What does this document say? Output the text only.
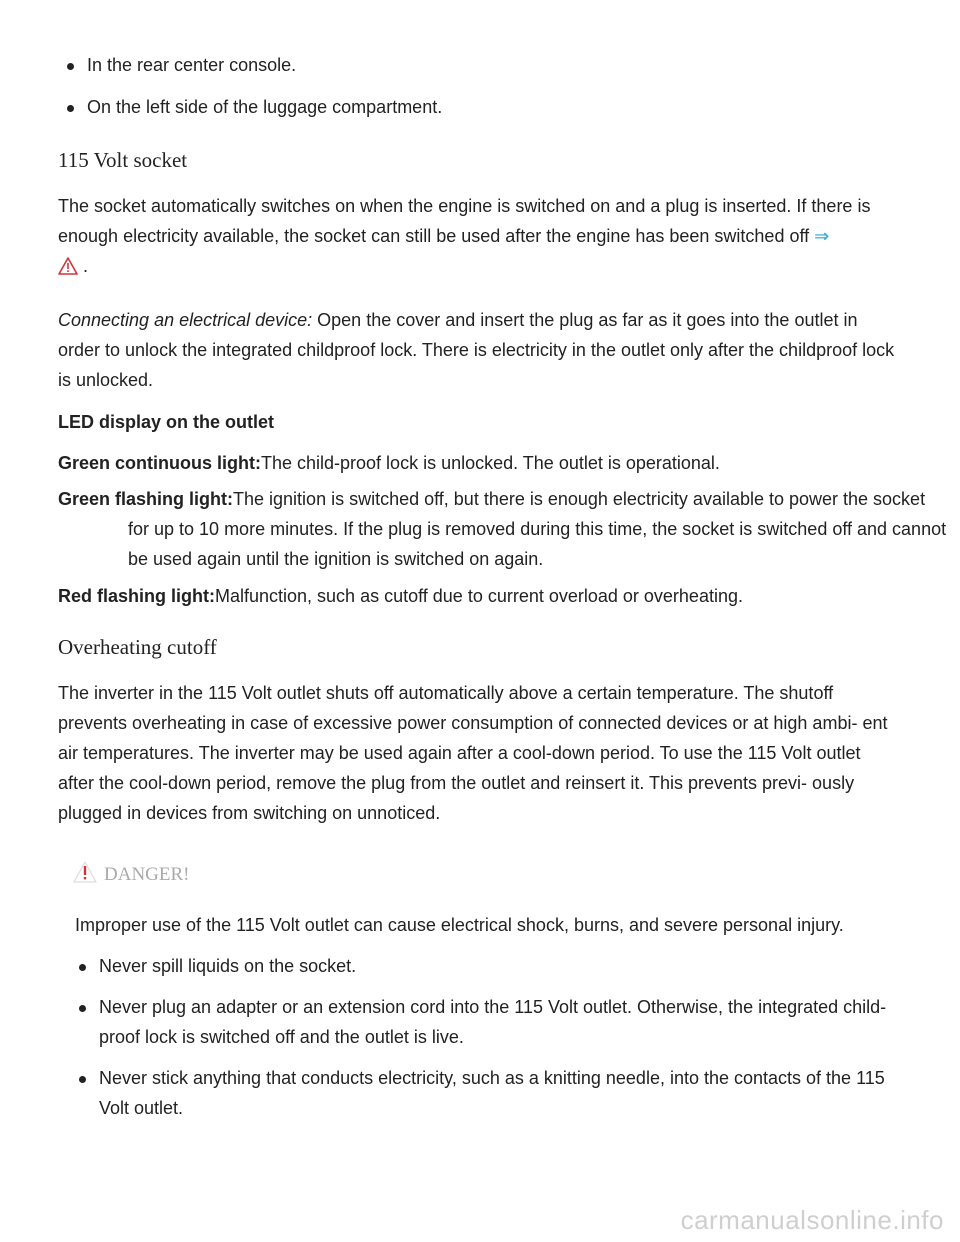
In the rear center console.
On the left side of the luggage compartment.
115 Volt socket

The socket automatically switches on when the engine is switched on and a plug is inserted. If there is enough electricity available, the socket can still be used after the engine has been switched off ⇒
.

Connecting an electrical device: Open the cover and insert the plug as far as it goes into the outlet in order to unlock the integrated childproof lock. There is electricity in the outlet only after the childproof lock is unlocked.

LED display on the outlet

Green continuous light:The child-proof lock is unlocked. The outlet is operational.

Green flashing light:The ignition is switched off, but there is enough electricity available to power the socket for up to 10 more minutes. If the plug is removed during this time, the socket is switched off and cannot be used again until the ignition is switched on again.

Red flashing light:Malfunction, such as cutoff due to current overload or overheating.

Overheating cutoff

The inverter in the 115 Volt outlet shuts off automatically above a certain temperature. The shutoff prevents overheating in case of excessive power consumption of connected devices or at high ambi- ent air temperatures. The inverter may be used again after a cool-down period. To use the 115 Volt outlet after the cool-down period, remove the plug from the outlet and reinsert it. This prevents previ- ously plugged in devices from switching on unnoticed.

DANGER!

Improper use of the 115 Volt outlet can cause electrical shock, burns, and severe personal injury.

Never spill liquids on the socket.
Never plug an adapter or an extension cord into the 115 Volt outlet. Otherwise, the integrated child-proof lock is switched off and the outlet is live.
Never stick anything that conducts electricity, such as a knitting needle, into the contacts of the 115 Volt outlet.
carmanualsonline.info
